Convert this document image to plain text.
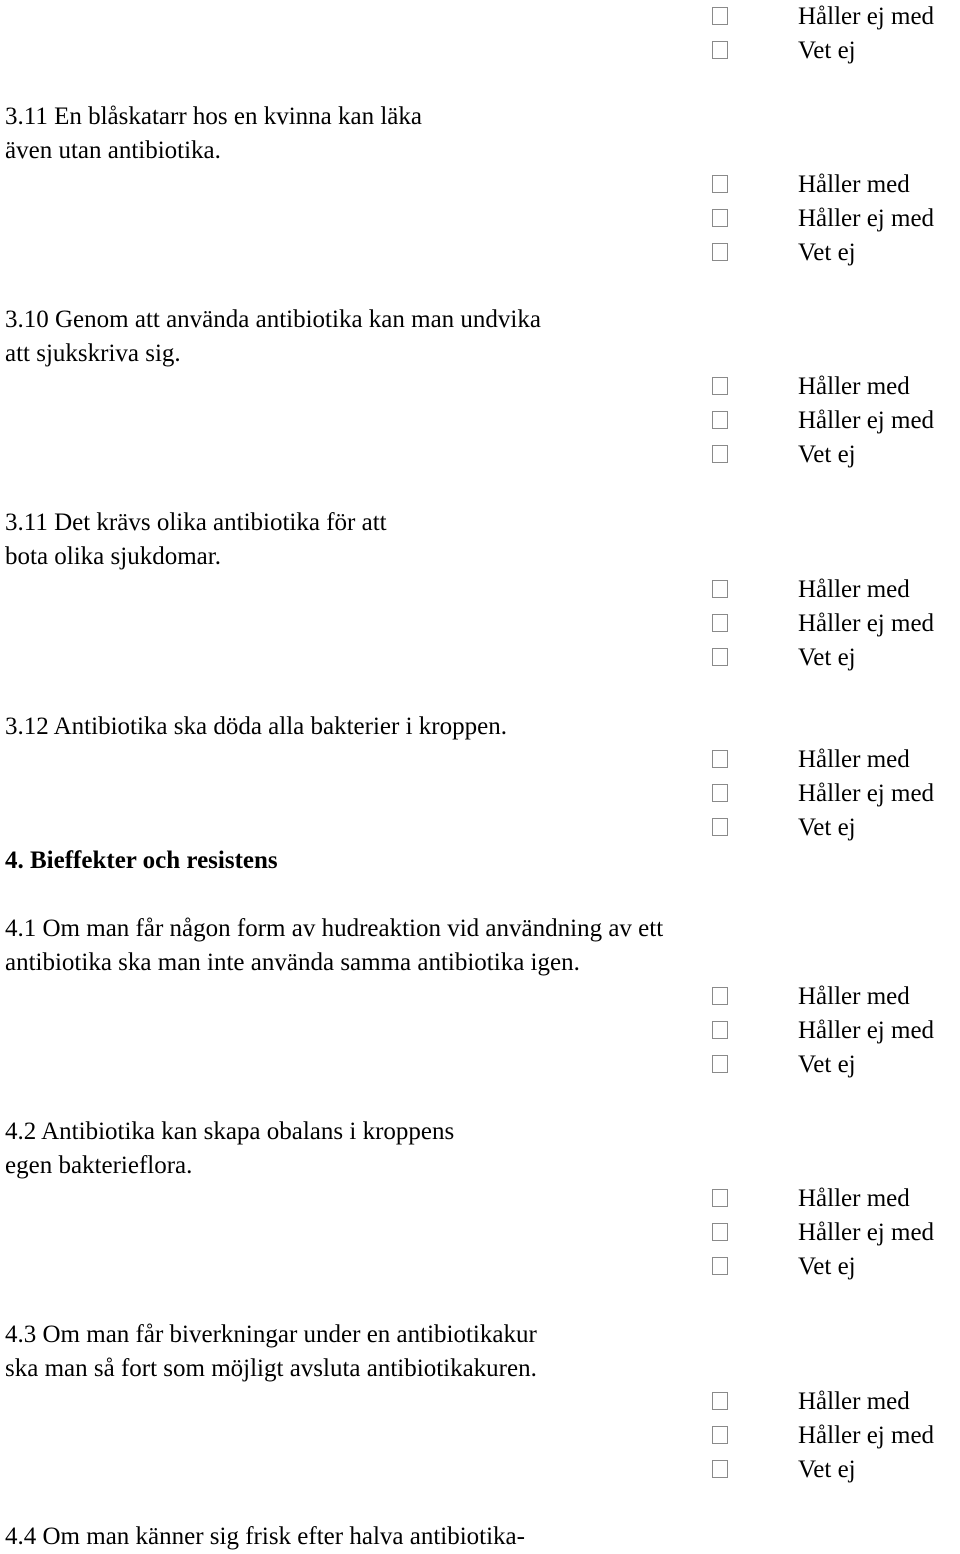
Håller ej med
Vet ej
3.11 En blåskatarr hos en kvinna kan läka
även utan antibiotika.
Håller med
Håller ej med
Vet ej
3.10 Genom att använda antibiotika kan man undvika
att sjukskriva sig.
Håller med
Håller ej med
Vet ej
3.11 Det krävs olika antibiotika för att
bota olika sjukdomar.
Håller med
Håller ej med
Vet ej
3.12 Antibiotika ska döda alla bakterier i kroppen.
Håller med
Håller ej med
Vet ej
4. Bieffekter och resistens
4.1 Om man får någon form av hudreaktion vid användning av ett
antibiotika ska man inte använda samma antibiotika igen.
Håller med
Håller ej med
Vet ej
4.2 Antibiotika kan skapa obalans i kroppens
egen bakterieflora.
Håller med
Håller ej med
Vet ej
4.3 Om man får biverkningar under en antibiotikakur
ska man så fort som möjligt avsluta antibiotikakuren.
Håller med
Håller ej med
Vet ej
4.4 Om man känner sig frisk efter halva antibiotika-
